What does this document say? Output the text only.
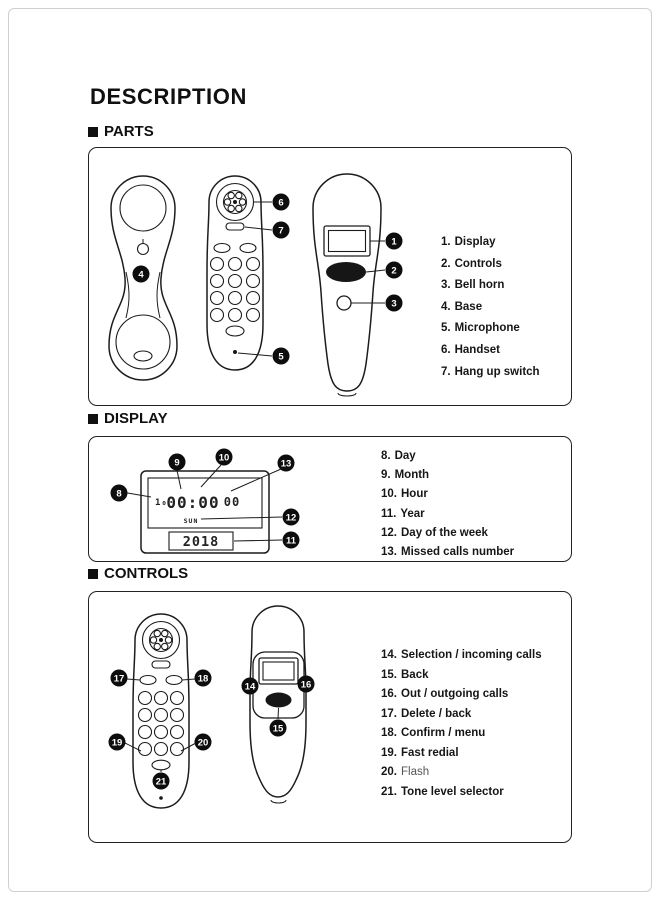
DESCRIPTION
PARTS
4
6
7
5
1
2
3
1. Display
2. Controls
3. Bell horn
4. Base
5. Microphone
6. Handset
7. Hang up switch
DISPLAY
1₀
00:00 00
SUN
2018
8
9	10
13
12
11
8. Day
9. Month
10. Hour
11. Year
12. Day of the week
13. Missed calls number
CONTROLS
17	18
19	20
21
14	16
15
14. Selection / incoming calls
15. Back
16. Out / outgoing calls
17. Delete / back
18. Confirm / menu
19. Fast redial
20. Flash
21. Tone level selector
